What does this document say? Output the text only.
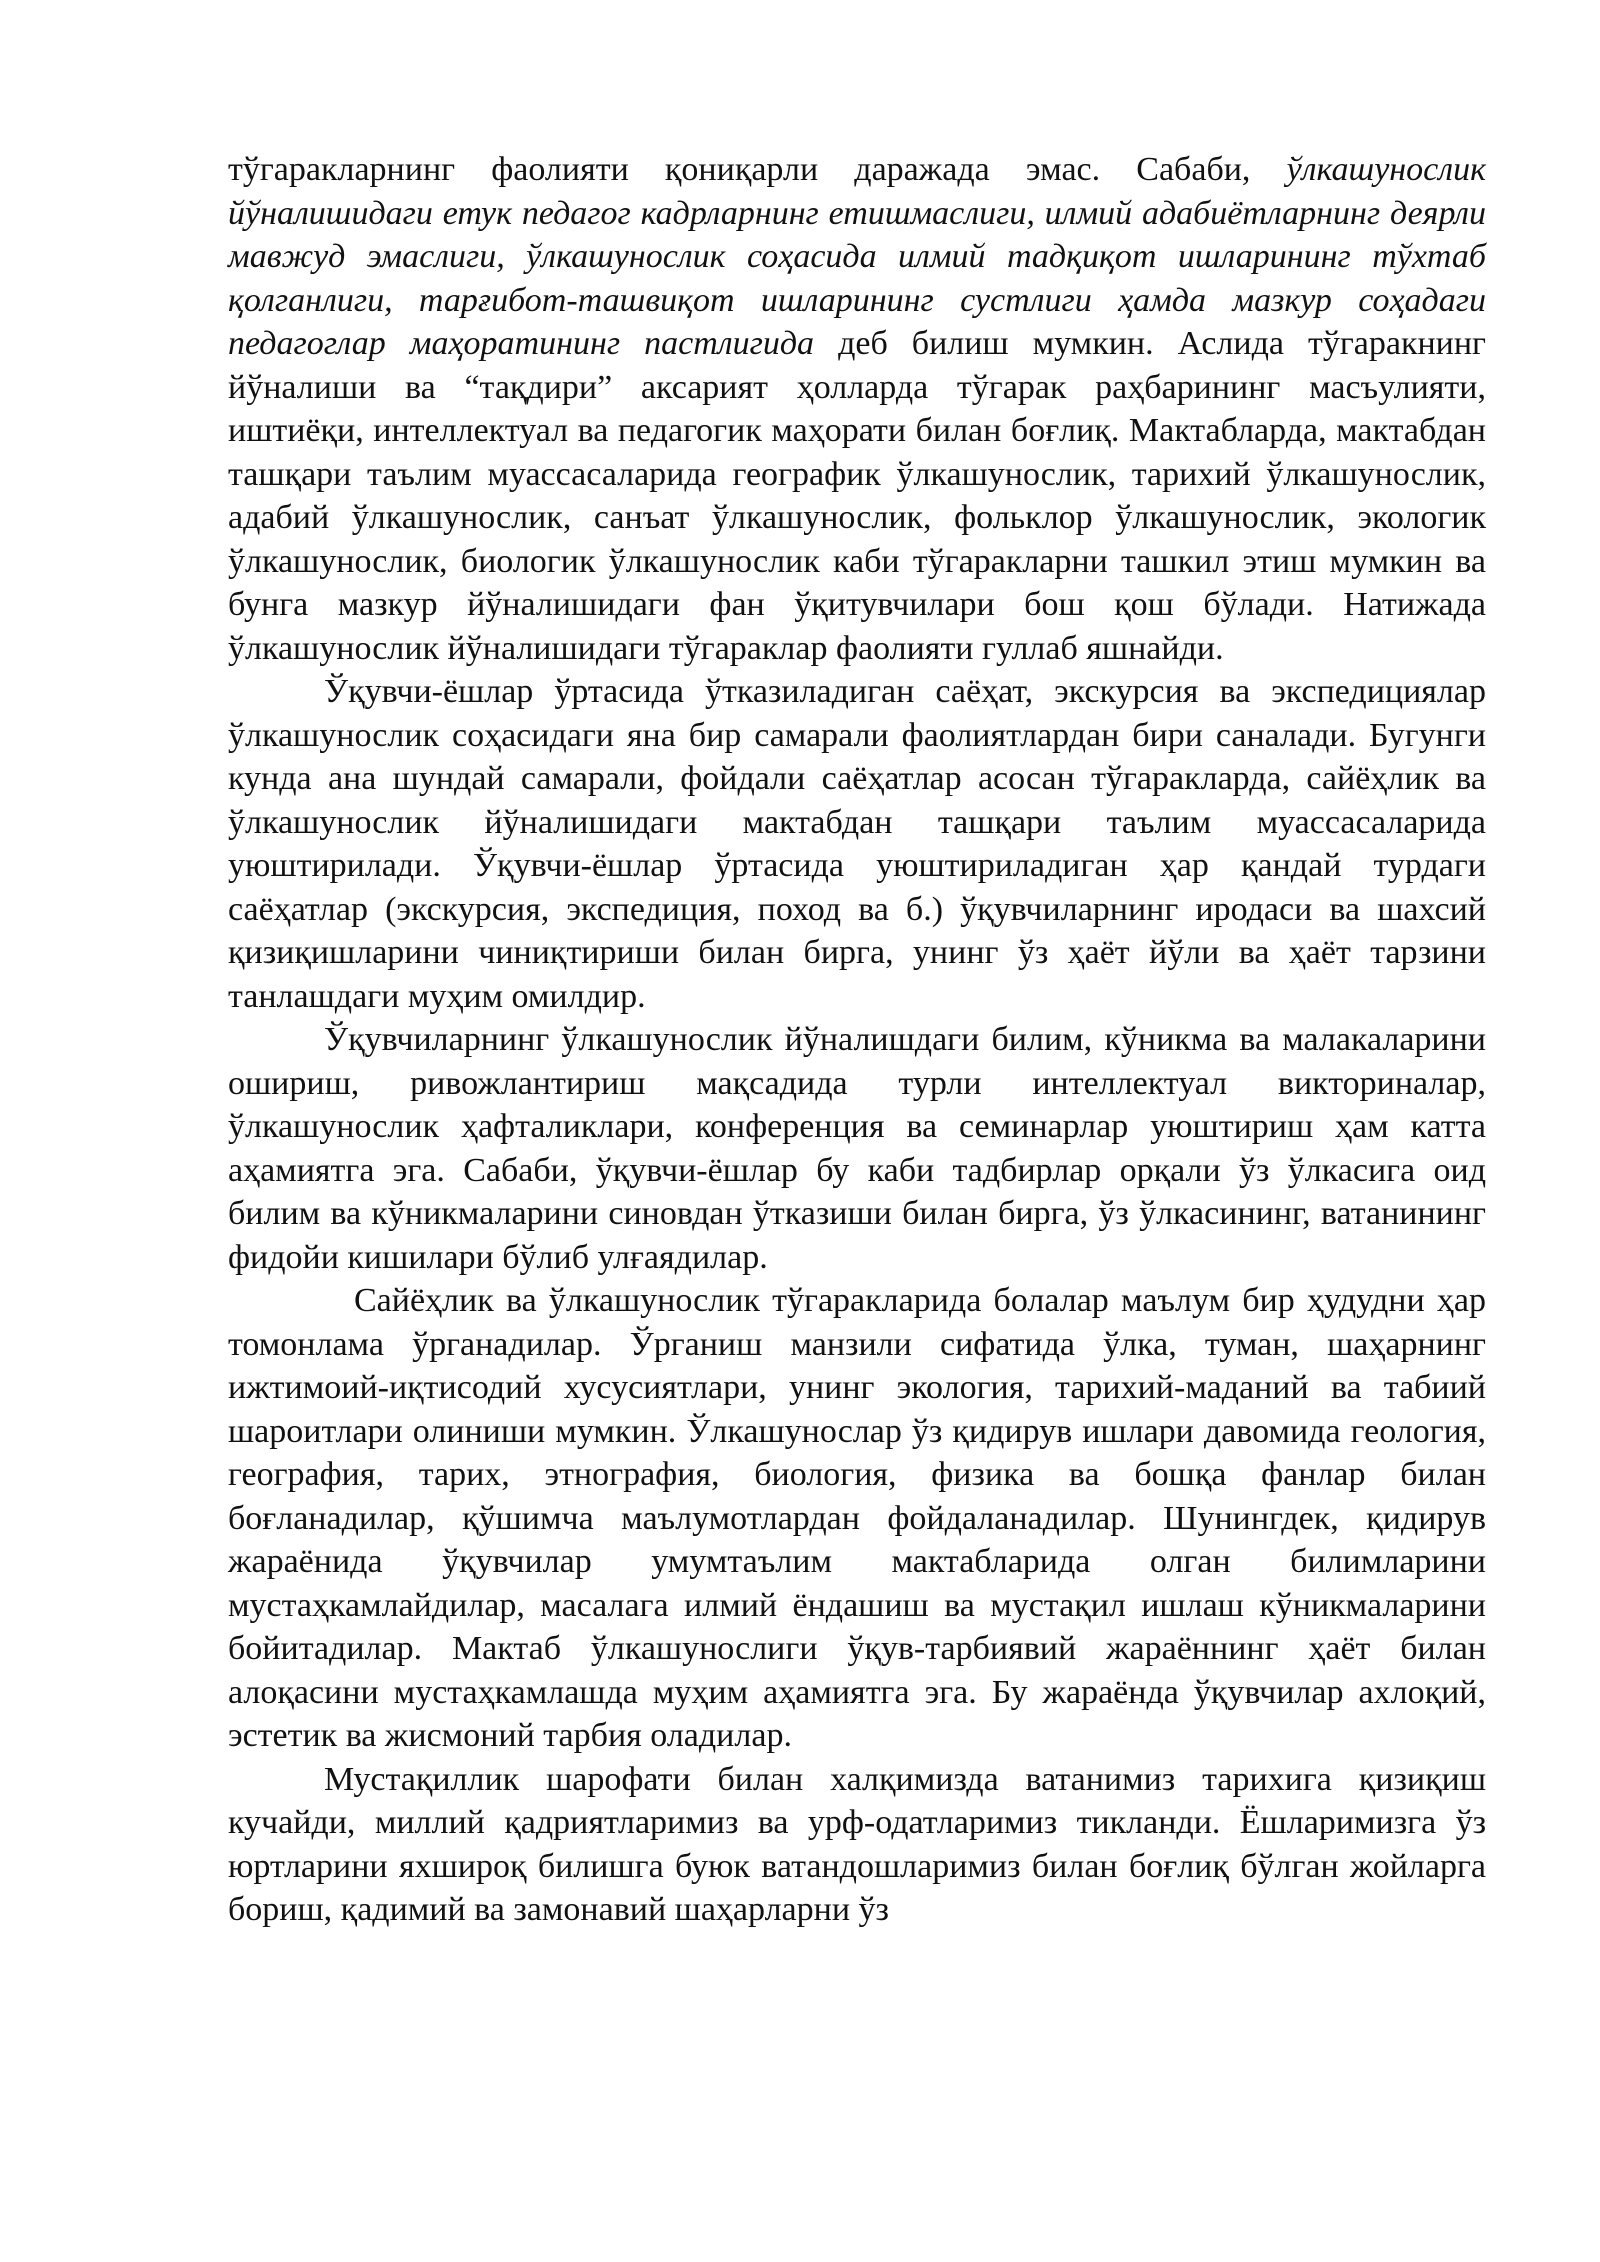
тўгаракларнинг фаолияти қониқарли даражада эмас. Сабаби, ўлкашунослик йўналишидаги етук педагог кадрларнинг етишмаслиги, илмий адабиётларнинг деярли мавжуд эмаслиги, ўлкашунослик соҳасида илмий тадқиқот ишларининг тўхтаб қолганлиги, тарғибот-ташвиқот ишларининг сустлиги ҳамда мазкур соҳадаги педагоглар маҳоратининг пастлигида деб билиш мумкин. Аслида тўгаракнинг йўналиши ва “тақдири” аксарият ҳолларда тўгарак раҳбарининг масъулияти, иштиёқи, интеллектуал ва педагогик маҳорати билан боғлиқ. Мактабларда, мактабдан ташқари таълим муассасаларида географик ўлкашунослик, тарихий ўлкашунослик, адабий ўлкашунослик, санъат ўлкашунослик, фольклор ўлкашунослик, экологик ўлкашунослик, биологик ўлкашунослик каби тўгаракларни ташкил этиш мумкин ва бунга мазкур йўналишидаги фан ўқитувчилари бош қош бўлади. Натижада ўлкашунослик йўналишидаги тўгараклар фаолияти гуллаб яшнайди.

Ўқувчи-ёшлар ўртасида ўтказиладиган саёҳат, экскурсия ва экспедициялар ўлкашунослик соҳасидаги яна бир самарали фаолиятлардан бири саналади. Бугунги кунда ана шундай самарали, фойдали саёҳатлар асосан тўгаракларда, сайёҳлик ва ўлкашунослик йўналишидаги мактабдан ташқари таълим муассасаларида уюштирилади. Ўқувчи-ёшлар ўртасида уюштириладиган ҳар қандай турдаги саёҳатлар (экскурсия, экспедиция, поход ва б.) ўқувчиларнинг иродаси ва шахсий қизиқишларини чиниқтириши билан бирга, унинг ўз ҳаёт йўли ва ҳаёт тарзини танлашдаги муҳим омилдир.

Ўқувчиларнинг ўлкашунослик йўналишдаги билим, кўникма ва малакаларини ошириш, ривожлантириш мақсадида турли интеллектуал викториналар, ўлкашунослик ҳафталиклари, конференция ва семинарлар уюштириш ҳам катта аҳамиятга эга. Сабаби, ўқувчи-ёшлар бу каби тадбирлар орқали ўз ўлкасига оид билим ва кўникмаларини синовдан ўтказиши билан бирга, ўз ўлкасининг, ватанининг фидойи кишилари бўлиб улғаядилар.

Сайёҳлик ва ўлкашунослик тўгаракларида болалар маълум бир ҳудудни ҳар томонлама ўрганадилар. Ўрганиш манзили сифатида ўлка, туман, шаҳарнинг ижтимоий-иқтисодий хусусиятлари, унинг экология, тарихий-маданий ва табиий шароитлари олиниши мумкин. Ўлкашунослар ўз қидирув ишлари давомида геология, география, тарих, этнография, биология, физика ва бошқа фанлар билан боғланадилар, қўшимча маълумотлардан фойдаланадилар. Шунингдек, қидирув жараёнида ўқувчилар умумтаълим мактабларида олган билимларини мустаҳкамлайдилар, масалага илмий ёндашиш ва мустақил ишлаш кўникмаларини бойитадилар. Мактаб ўлкашунослиги ўқув-тарбиявий жараённинг ҳаёт билан алоқасини мустаҳкамлашда муҳим аҳамиятга эга. Бу жараёнда ўқувчилар ахлоқий, эстетик ва жисмоний тарбия оладилар.

Мустақиллик шарофати билан халқимизда ватанимиз тарихига қизиқиш кучайди, миллий қадриятларимиз ва урф-одатларимиз тикланди. Ёшларимизга ўз юртларини яхшироқ билишга буюк ватандошларимиз билан боғлиқ бўлган жойларга бориш, қадимий ва замонавий шаҳарларни ўз
